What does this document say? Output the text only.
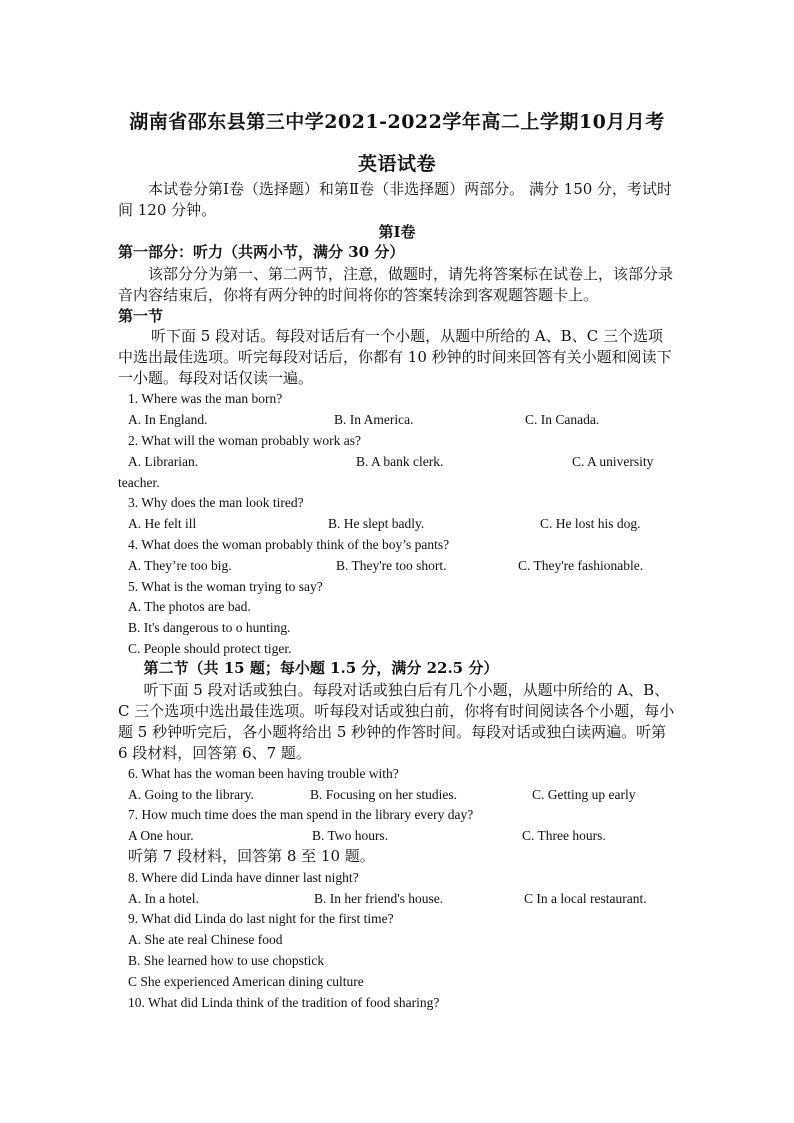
湖南省邵东县第三中学2021-2022学年高二上学期10月月考
英语试卷
本试卷分第Ⅰ卷（选择题）和第Ⅱ卷（非选择题）两部分。 满分 150 分，考试时间 120 分钟。
第Ⅰ卷
第一部分：听力（共两小节，满分 30 分）
该部分分为第一、第二两节，注意，做题时，请先将答案标在试卷上，该部分录音内容结束后，你将有两分钟的时间将你的答案转涂到客观题答题卡上。
第一节
听下面 5 段对话。每段对话后有一个小题，从题中所给的 A、B、C 三个选项中选出最佳选项。听完每段对话后，你都有 10 秒钟的时间来回答有关小题和阅读下一小题。每段对话仅读一遍。
1. Where was the man born?
A. In England.	B. In America.	C. In Canada.
2. What will the woman probably work as?
A. Librarian.	B. A bank clerk.	C. A university
teacher.
3. Why does the man look tired?
A. He felt ill	B. He slept badly.	C. He lost his dog.
4. What does the woman probably think of the boy’s pants?
A. They’re too big.	B. They're too short.	C. They're fashionable.
5. What is the woman trying to say?
A. The photos are bad.
B. It's dangerous to o hunting.
C. People should protect tiger.
第二节（共 15 题；每小题 1.5 分，满分 22.5 分）
听下面 5 段对话或独白。每段对话或独白后有几个小题，从题中所给的 A、B、C 三个选项中选出最佳选项。听每段对话或独白前，你将有时间阅读各个小题，每小题 5 秒钟听完后，各小题将给出 5 秒钟的作答时间。每段对话或独白读两遍。听第 6 段材料，回答第 6、7 题。
6. What has the woman been having trouble with?
A. Going to the library.	B. Focusing on her studies.	C. Getting up early
7. How much time does the man spend in the library every day?
A One hour.	B. Two hours.	C. Three hours.
听第 7 段材料，回答第 8 至 10 题。
8. Where did Linda have dinner last night?
A. In a hotel.	B. In her friend's house.	C In a local restaurant.
9. What did Linda do last night for the first time?
A. She ate real Chinese food
B. She learned how to use chopstick
C She experienced American dining culture
10. What did Linda think of the tradition of food sharing?
